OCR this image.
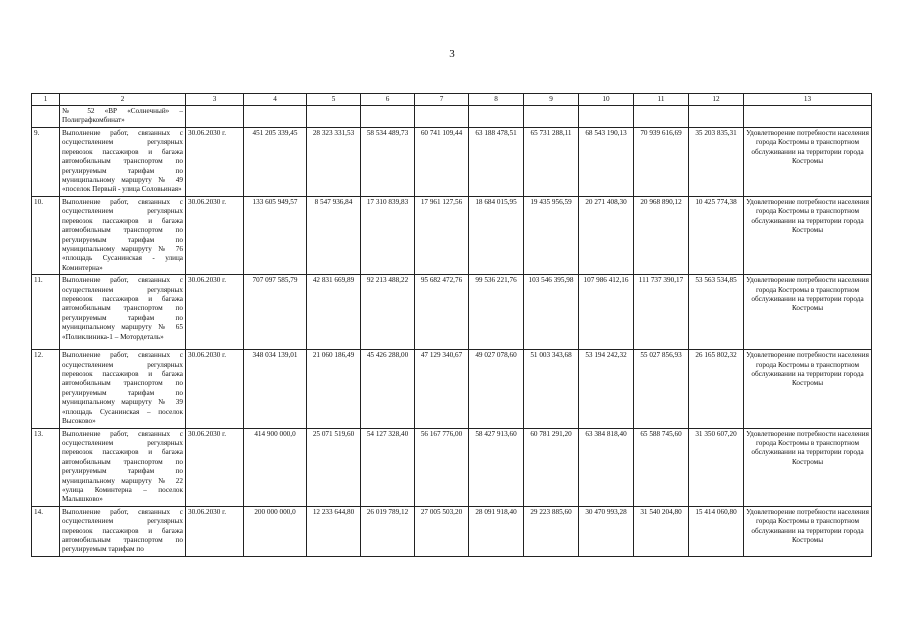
3
1	2	3	4	5	6	7	8	9	10	11	12	13
	№ 52 «ВР «Солнечный» – Полиграфкомбинат»											
9.	Выполнение работ, связанных с осуществлением регулярных перевозок пассажиров и багажа автомобильным транспортом по регулируемым тарифам по муниципальному маршруту № 49 «поселок Первый - улица Соловьиная»	30.06.2030 г.	451 205 339,45	28 323 331,53	58 534 489,73	60 741 109,44	63 188 478,51	65 731 288,11	68 543 190,13	70 939 616,69	35 203 835,31	Удовлетворение потребности населения города Костромы в транспортном обслуживании на территории города Костромы
10.	Выполнение работ, связанных с осуществлением регулярных перевозок пассажиров и багажа автомобильным транспортом по регулируемым тарифам по муниципальному маршруту № 76 «площадь Сусанинская - улица Коминтерна»	30.06.2030 г.	133 605 949,57	8 547 936,84	17 310 839,83	17 961 127,56	18 684 015,95	19 435 956,59	20 271 408,30	20 968 890,12	10 425 774,38	Удовлетворение потребности населения города Костромы в транспортном обслуживании на территории города Костромы
11.	Выполнение работ, связанных с осуществлением регулярных перевозок пассажиров и багажа автомобильным транспортом по регулируемым тарифам по муниципальному маршруту № 65 «Поликлиника-1 – Мотордеталь»	30.06.2030 г.	707 097 585,79	42 831 669,89	92 213 488,22	95 682 472,76	99 536 221,76	103 546 395,98	107 986 412,16	111 737 390,17	53 563 534,85	Удовлетворение потребности населения города Костромы в транспортном обслуживании на территории города Костромы
12.	Выполнение работ, связанных с осуществлением регулярных перевозок пассажиров и багажа автомобильным транспортом по регулируемым тарифам по муниципальному маршруту № 39 «площадь Сусанинская – поселок Высоково»	30.06.2030 г.	348 034 139,01	21 060 186,49	45 426 288,00	47 129 340,67	49 027 078,60	51 003 343,68	53 194 242,32	55 027 856,93	26 165 802,32	Удовлетворение потребности населения города Костромы в транспортном обслуживании на территории города Костромы
13.	Выполнение работ, связанных с осуществлением регулярных перевозок пассажиров и багажа автомобильным транспортом по регулируемым тарифам по муниципальному маршруту № 22 «улица Коминтерна – поселок Малышково»	30.06.2030 г.	414 900 000,0	25 071 519,60	54 127 328,40	56 167 776,00	58 427 913,60	60 781 291,20	63 384 818,40	65 588 745,60	31 350 607,20	Удовлетворение потребности населения города Костромы в транспортном обслуживании на территории города Костромы
14.	Выполнение работ, связанных с осуществлением регулярных перевозок пассажиров и багажа автомобильным транспортом по регулируемым тарифам по	30.06.2030 г.	200 000 000,0	12 233 644,80	26 019 789,12	27 005 503,20	28 091 918,40	29 223 885,60	30 470 993,28	31 540 204,80	15 414 060,80	Удовлетворение потребности населения города Костромы в транспортном обслуживании на территории города Костромы
